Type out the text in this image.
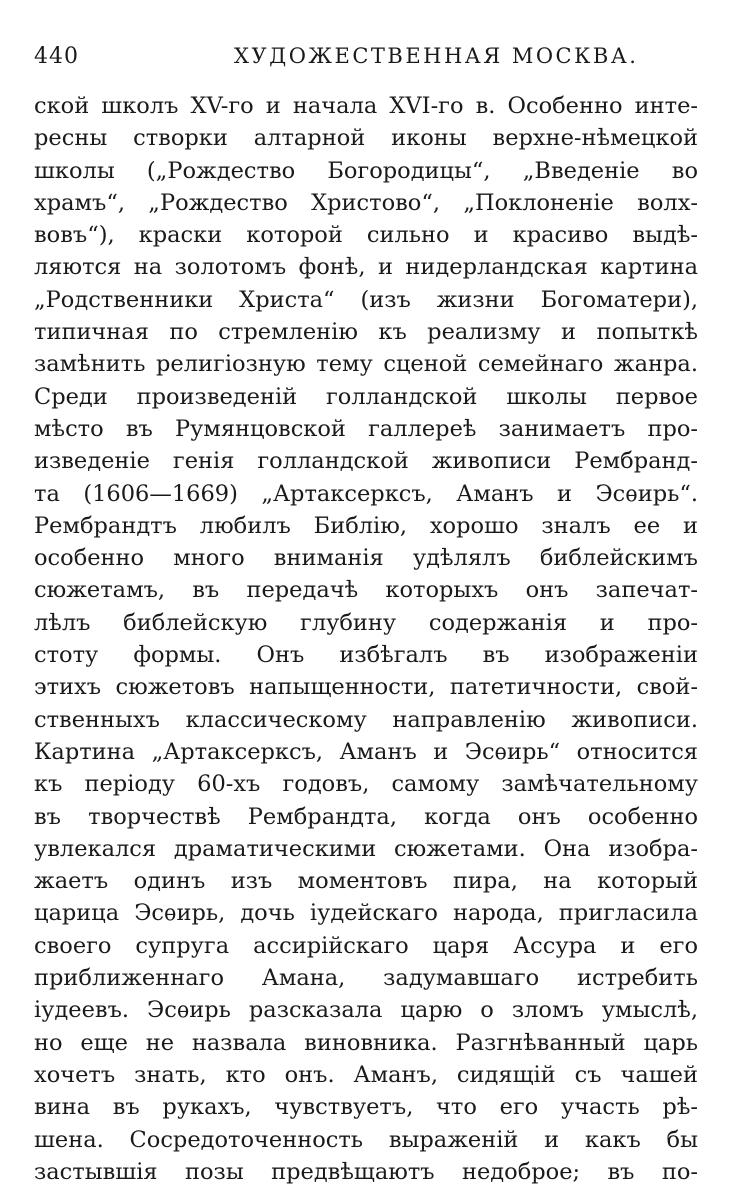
440	ХУДОЖЕСТВЕННАЯ МОСКВА.
ской школъ XV-го и начала XVI-го в. Особенно инте-
ресны створки алтарной иконы верхне-нѣмецкой
школы („Рождество Богородицы“, „Введеніе во
храмъ“, „Рождество Христово“, „Поклоненіе волх-
вовъ“), краски которой сильно и красиво выдѣ-
ляются на золотомъ фонѣ, и нидерландская картина
„Родственники Христа“ (изъ жизни Богоматери),
типичная по стремленію къ реализму и попыткѣ
замѣнить религіозную тему сценой семейнаго жанра.
Среди произведеній голландской школы первое
мѣсто въ Румянцовской галлереѣ занимаетъ про-
изведеніе генія голландской живописи Рембранд-
та (1606—1669) „Артаксерксъ, Аманъ и Эсѳирь“.
Рембрандтъ любилъ Библію, хорошо зналъ ее и
особенно много вниманія удѣлялъ библейскимъ
сюжетамъ, въ передачѣ которыхъ онъ запечат-
лѣлъ библейскую глубину содержанія и про-
стоту формы. Онъ избѣгалъ въ изображеніи
этихъ сюжетовъ напыщенности, патетичности, свой-
ственныхъ классическому направленію живописи.
Картина „Артаксерксъ, Аманъ и Эсѳирь“ относится
къ періоду 60-хъ годовъ, самому замѣчательному
въ творчествѣ Рембрандта, когда онъ особенно
увлекался драматическими сюжетами. Она изобра-
жаетъ одинъ изъ моментовъ пира, на который
царица Эсѳирь, дочь іудейскаго народа, пригласила
своего супруга ассирійскаго царя Ассура и его
приближеннаго Амана, задумавшаго истребить
іудеевъ. Эсѳирь разсказала царю о зломъ умыслѣ,
но еще не назвала виновника. Разгнѣванный царь
хочетъ знать, кто онъ. Аманъ, сидящій съ чашей
вина въ рукахъ, чувствуетъ, что его участь рѣ-
шена. Сосредоточенность выраженій и какъ бы
застывшія позы предвѣщаютъ недоброе; въ по-
